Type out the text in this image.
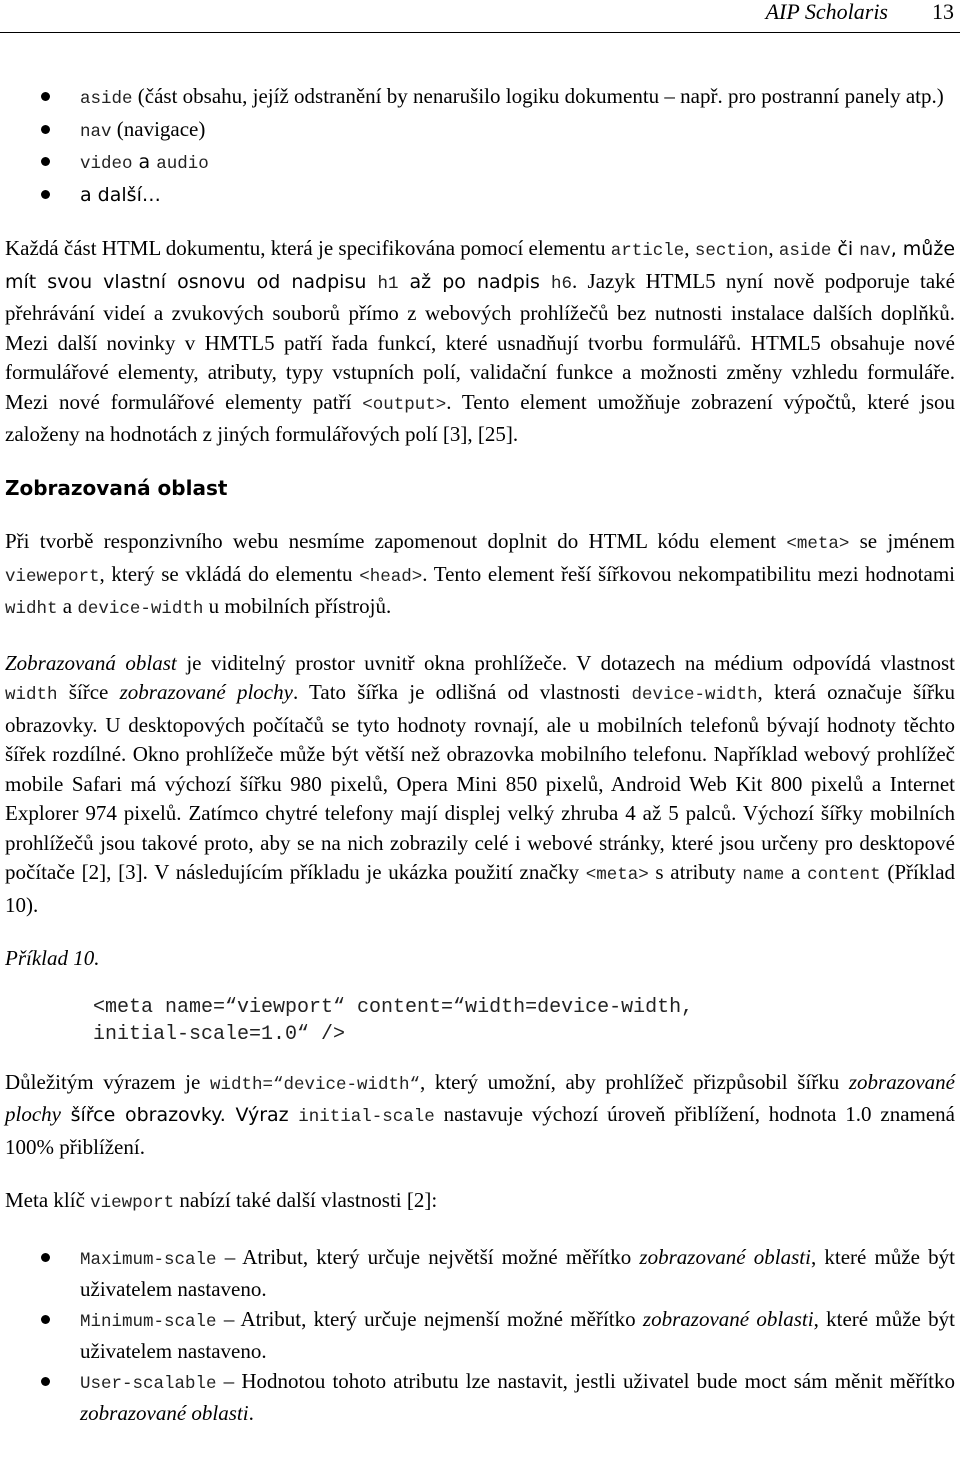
AIP Scholaris 13
aside (část obsahu, jejíž odstranění by nenarušilo logiku dokumentu – např. pro postranní panely atp.)
nav (navigace)
video a audio
a další…

Každá část HTML dokumentu, která je specifikována pomocí elementu article, section, aside či nav, může mít svou vlastní osnovu od nadpisu h1 až po nadpis h6. Jazyk HTML5 nyní nově podporuje také přehrávání videí a zvukových souborů přímo z webových prohlížečů bez nutnosti instalace dalších doplňků. Mezi další novinky v HMTL5 patří řada funkcí, které usnadňují tvorbu formulářů. HTML5 obsahuje nové formulářové elementy, atributy, typy vstupních polí, validační funkce a možnosti změny vzhledu formuláře. Mezi nové formulářové elementy patří <output>. Tento element umožňuje zobrazení výpočtů, které jsou založeny na hodnotách z jiných formulářových polí [3], [25].

Zobrazovaná oblast

Při tvorbě responzivního webu nesmíme zapomenout doplnit do HTML kódu element <meta> se jménem vieweport, který se vkládá do elementu <head>. Tento element řeší šířkovou nekompatibilitu mezi hodnotami widht a device-width u mobilních přístrojů.

Zobrazovaná oblast je viditelný prostor uvnitř okna prohlížeče. V dotazech na médium odpovídá vlastnost width šířce zobrazované plochy. Tato šířka je odlišná od vlastnosti device-width, která označuje šířku obrazovky. U desktopových počítačů se tyto hodnoty rovnají, ale u mobilních telefonů bývají hodnoty těchto šířek rozdílné. Okno prohlížeče může být větší než obrazovka mobilního telefonu. Například webový prohlížeč mobile Safari má výchozí šířku 980 pixelů, Opera Mini 850 pixelů, Android Web Kit 800 pixelů a Internet Explorer 974 pixelů. Zatímco chytré telefony mají displej velký zhruba 4 až 5 palců. Výchozí šířky mobilních prohlížečů jsou takové proto, aby se na nich zobrazily celé i webové stránky, které jsou určeny pro desktopové počítače [2], [3]. V následujícím příkladu je ukázka použití značky <meta> s atributy name a content (Příklad 10).

Příklad 10.

<meta name=“viewport“ content=“width=device-width,
initial-scale=1.0“ />

Důležitým výrazem je width=“device-width“, který umožní, aby prohlížeč přizpůsobil šířku zobrazované plochy šířce obrazovky. Výraz initial-scale nastavuje výchozí úroveň přiblížení, hodnota 1.0 znamená 100% přiblížení.

Meta klíč viewport nabízí také další vlastnosti [2]:

Maximum-scale – Atribut, který určuje největší možné měřítko zobrazované oblasti, které může být uživatelem nastaveno.
Minimum-scale – Atribut, který určuje nejmenší možné měřítko zobrazované oblasti, které může být uživatelem nastaveno.
User-scalable – Hodnotou tohoto atributu lze nastavit, jestli uživatel bude moct sám měnit měřítko zobrazované oblasti.
